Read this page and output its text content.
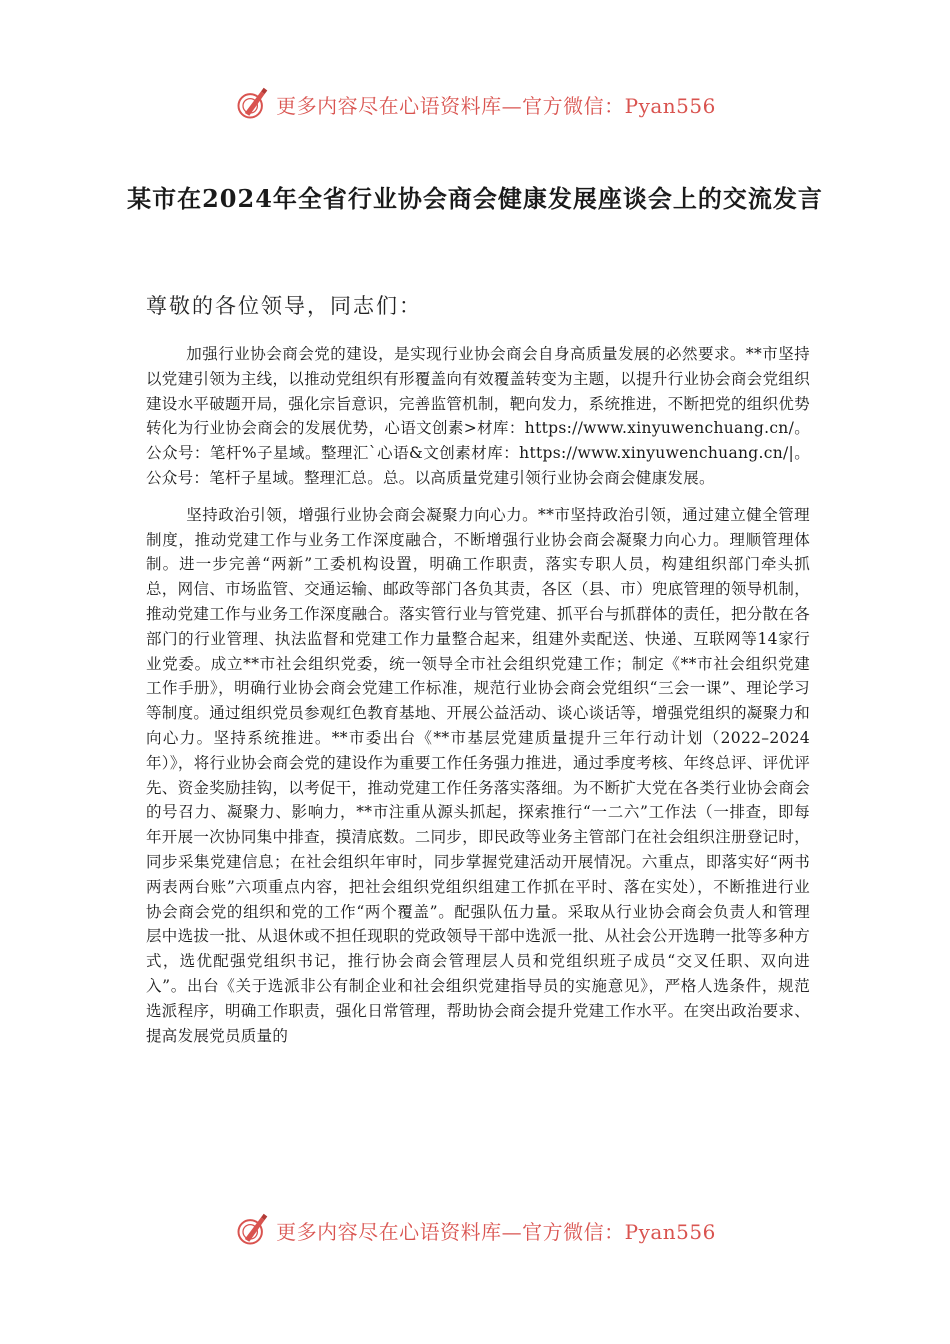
更多内容尽在心语资料库—官方微信：Pyan556
某市在2024年全省行业协会商会健康发展座谈会上的交流发言

尊敬的各位领导，同志们：

加强行业协会商会党的建设，是实现行业协会商会自身高质量发展的必然要求。**市坚持以党建引领为主线，以推动党组织有形覆盖向有效覆盖转变为主题，以提升行业协会商会党组织建设水平破题开局，强化宗旨意识，完善监管机制，靶向发力，系统推进，不断把党的组织优势转化为行业协会商会的发展优势，心语文创素>材库：https://www.xinyuwenchuang.cn/。公众号：笔杆%子星域。整理汇`心语&文创素材库：https://www.xinyuwenchuang.cn/|。公众号：笔杆子星域。整理汇总。总。以高质量党建引领行业协会商会健康发展。

坚持政治引领，增强行业协会商会凝聚力向心力。**市坚持政治引领，通过建立健全管理制度，推动党建工作与业务工作深度融合，不断增强行业协会商会凝聚力向心力。理顺管理体制。进一步完善“两新”工委机构设置，明确工作职责，落实专职人员，构建组织部门牵头抓总，网信、市场监管、交通运输、邮政等部门各负其责，各区（县、市）兜底管理的领导机制，推动党建工作与业务工作深度融合。落实管行业与管党建、抓平台与抓群体的责任，把分散在各部门的行业管理、执法监督和党建工作力量整合起来，组建外卖配送、快递、互联网等14家行业党委。成立**市社会组织党委，统一领导全市社会组织党建工作；制定《**市社会组织党建工作手册》，明确行业协会商会党建工作标准，规范行业协会商会党组织“三会一课”、理论学习等制度。通过组织党员参观红色教育基地、开展公益活动、谈心谈话等，增强党组织的凝聚力和向心力。坚持系统推进。**市委出台《**市基层党建质量提升三年行动计划（2022–2024年）》，将行业协会商会党的建设作为重要工作任务强力推进，通过季度考核、年终总评、评优评先、资金奖励挂钩，以考促干，推动党建工作任务落实落细。为不断扩大党在各类行业协会商会的号召力、凝聚力、影响力，**市注重从源头抓起，探索推行“一二六”工作法（一排查，即每年开展一次协同集中排查，摸清底数。二同步，即民政等业务主管部门在社会组织注册登记时，同步采集党建信息；在社会组织年审时，同步掌握党建活动开展情况。六重点，即落实好“两书两表两台账”六项重点内容，把社会组织党组织组建工作抓在平时、落在实处），不断推进行业协会商会党的组织和党的工作“两个覆盖”。配强队伍力量。采取从行业协会商会负责人和管理层中选拔一批、从退休或不担任现职的党政领导干部中选派一批、从社会公开选聘一批等多种方式，选优配强党组织书记，推行协会商会管理层人员和党组织班子成员“交叉任职、双向进入”。出台《关于选派非公有制企业和社会组织党建指导员的实施意见》，严格人选条件，规范选派程序，明确工作职责，强化日常管理，帮助协会商会提升党建工作水平。在突出政治要求、提高发展党员质量的

更多内容尽在心语资料库—官方微信：Pyan556
